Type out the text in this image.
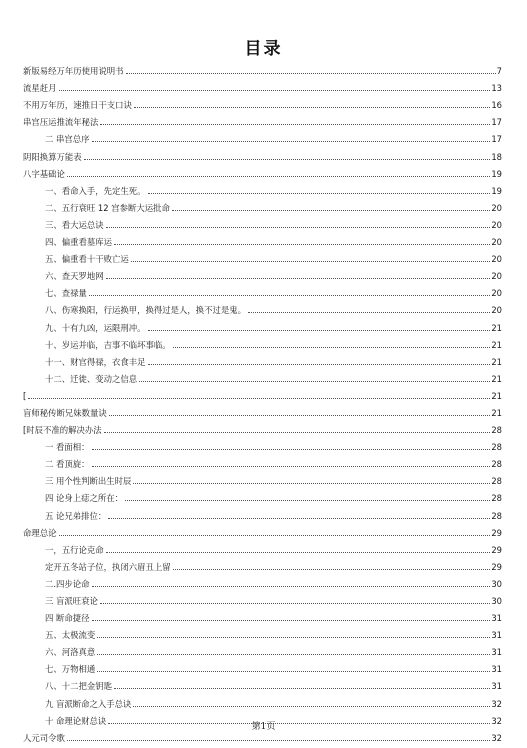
目录
新版易经万年历使用说明书	7
流星赶月	13
不用万年历，速推日干支口诀	16
串宫压运推流年秘法	17
二 串宫总序	17
阴阳换算万能表	18
八字基础论	19
一、看命入手，先定生死。	19
二、五行衰旺 12 宫参断大运批命	20
三、看大运总诀	20
四、偏重看墓库运	20
五、偏重看十干败亡运	20
六、查天罗地网	20
七、查禄量	20
八、伤寒换阳，行运换甲，换得过是人，换不过是鬼。	20
九、十有九凶，运限刑冲。	21
十、岁运并临，吉事不临坏事临。	21
十一、财官得禄，衣食丰足	21
十二、迁徙、变动之信息	21
[	21
盲师秘传断兄妹数量诀	21
[时辰不准的解决办法	28
一 看面相：	28
二 看顶旋：	28
三 用个性判断出生时辰	28
四 论身上痣之所在：	28
五 论兄弟排位：	28
命理总论	29
一，五行论克命	29
定开五冬站子位，执闭六眉丑上留	29
二.四步论命	30
三 盲派旺衰论	30
四 断命捷径	31
五、太极流变	31
六、河洛真意	31
七、万物相通	31
八、十二把金钥匙	31
九 盲派断命之入手总诀	32
十 命理论财总诀	32
人元司令歌	32
第1页
